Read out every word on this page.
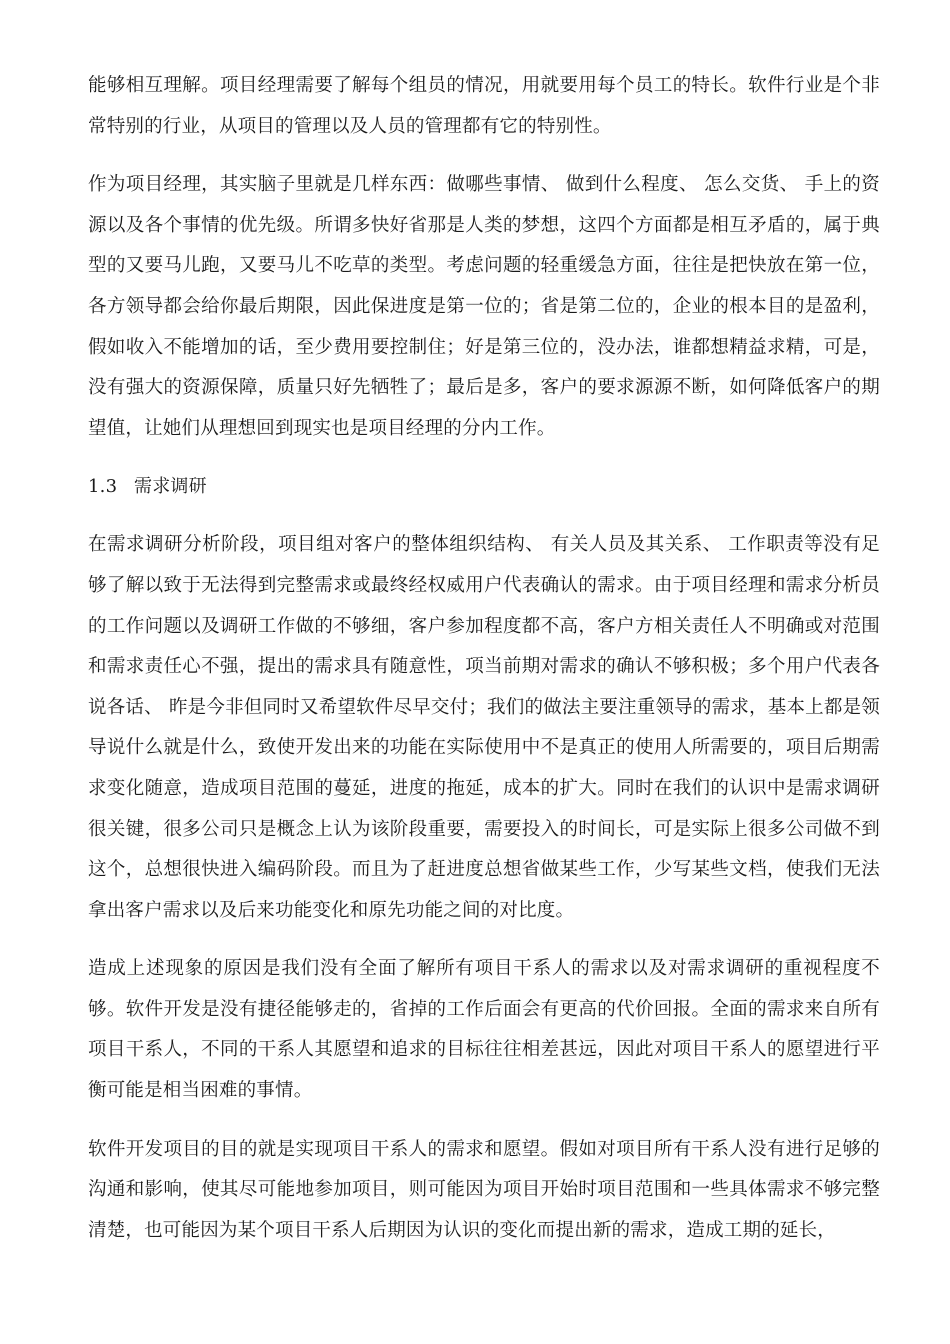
能够相互理解。项目经理需要了解每个组员的情况，用就要用每个员工的特长。软件行业是个非常特别的行业，从项目的管理以及人员的管理都有它的特别性。

作为项目经理，其实脑子里就是几样东西：做哪些事情、 做到什么程度、 怎么交货、 手上的资源以及各个事情的优先级。所谓多快好省那是人类的梦想，这四个方面都是相互矛盾的，属于典型的又要马儿跑，又要马儿不吃草的类型。考虑问题的轻重缓急方面，往往是把快放在第一位，各方领导都会给你最后期限，因此保进度是第一位的；省是第二位的，企业的根本目的是盈利，假如收入不能增加的话，至少费用要控制住；好是第三位的，没办法，谁都想精益求精，可是，没有强大的资源保障，质量只好先牺牲了；最后是多，客户的要求源源不断，如何降低客户的期望值，让她们从理想回到现实也是项目经理的分内工作。

1.3 需求调研

在需求调研分析阶段，项目组对客户的整体组织结构、 有关人员及其关系、 工作职责等没有足够了解以致于无法得到完整需求或最终经权威用户代表确认的需求。由于项目经理和需求分析员的工作问题以及调研工作做的不够细，客户参加程度都不高，客户方相关责任人不明确或对范围和需求责任心不强，提出的需求具有随意性，项当前期对需求的确认不够积极；多个用户代表各说各话、 昨是今非但同时又希望软件尽早交付；我们的做法主要注重领导的需求，基本上都是领导说什么就是什么，致使开发出来的功能在实际使用中不是真正的使用人所需要的，项目后期需求变化随意，造成项目范围的蔓延，进度的拖延，成本的扩大。同时在我们的认识中是需求调研很关键，很多公司只是概念上认为该阶段重要，需要投入的时间长，可是实际上很多公司做不到这个，总想很快进入编码阶段。而且为了赶进度总想省做某些工作，少写某些文档，使我们无法拿出客户需求以及后来功能变化和原先功能之间的对比度。

造成上述现象的原因是我们没有全面了解所有项目干系人的需求以及对需求调研的重视程度不够。软件开发是没有捷径能够走的，省掉的工作后面会有更高的代价回报。全面的需求来自所有项目干系人，不同的干系人其愿望和追求的目标往往相差甚远，因此对项目干系人的愿望进行平衡可能是相当困难的事情。

软件开发项目的目的就是实现项目干系人的需求和愿望。假如对项目所有干系人没有进行足够的沟通和影响，使其尽可能地参加项目，则可能因为项目开始时项目范围和一些具体需求不够完整清楚，也可能因为某个项目干系人后期因为认识的变化而提出新的需求，造成工期的延长，
